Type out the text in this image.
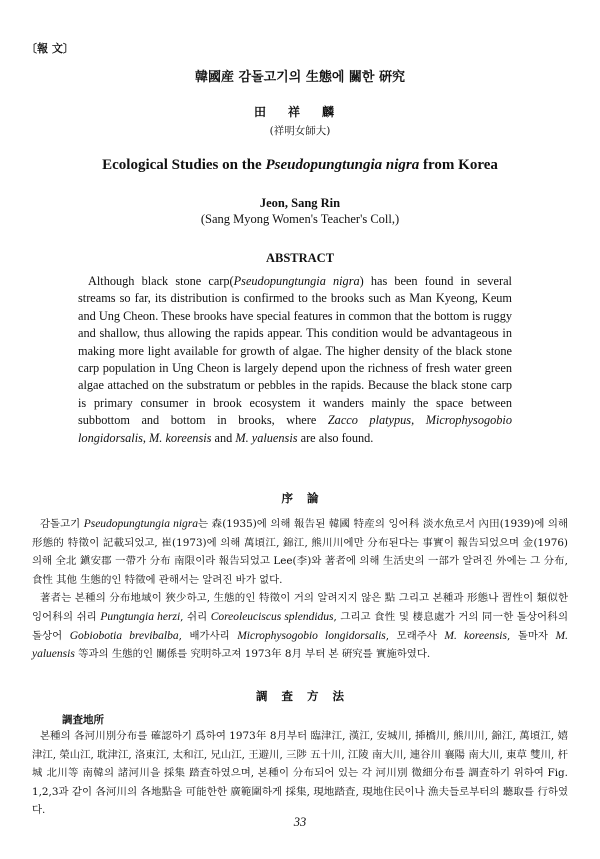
〔報 文〕
韓國産 감돌고기의 生態에 關한 硏究
田祥麟
(祥明女師大)
Ecological Studies on the Pseudopungtungia nigra from Korea
Jeon, Sang Rin
(Sang Myong Women's Teacher's Coll,)
ABSTRACT

Although black stone carp(Pseudopungtungia nigra) has been found in several streams so far, its distribution is confirmed to the brooks such as Man Kyeong, Keum and Ung Cheon. These brooks have special features in common that the bottom is ruggy and shallow, thus allowing the rapids appear. This condition would be advantageous in making more light available for growth of algae. The higher density of the black stone carp population in Ung Cheon is largely depend upon the richness of fresh water green algae attached on the substratum or pebbles in the rapids. Because the black stone carp is primary consumer in brook ecosystem it wanders mainly the space between subbottom and bottom in brooks, where Zacco platypus, Microphysogobio longidorsalis, M. koreensis and M. yaluensis are also found.

序論

감돌고기 Pseudopungtungia nigra는 森(1935)에 의해 報告된 韓國 特産의 잉어科 淡水魚로서 內田(1939)에 의해 形態的 特徵이 記載되었고, 崔(1973)에 의해 萬頃江, 錦江, 熊川川에만 分布된다는 事實이 報告되었으며 金(1976) 의해 全北 鎭安郡 一帶가 分布 南限이라 報告되었고 Lee(李)와 著者에 의해 生活史의 一部가 알려진 外에는 그 分布, 食性 其他 生態的인 特徵에 관해서는 알려진 바가 없다.

著者는 본種의 分布地域이 狹少하고, 生態的인 特徵이 거의 알려지지 않은 點 그리고 본種과 形態나 習性이 類似한 잉어科의 쉬리 Pungtungia herzi, 쉬리 Coreoleuciscus splendidus, 그리고 食性 및 棲息處가 거의 同一한 돌상어科의 돌상어 Gobiobotia brevibalba, 배가사리 Microphysogobio longidorsalis, 모래주사 M. koreensis, 돌마자 M. yaluensis 等과의 生態的인 關係를 究明하고져 1973年 8月 부터 본 硏究를 實施하였다.

調査方法
調査地所

본種의 各河川別分布를 確認하기 爲하여 1973年 8月부터 臨津江, 漢江, 安城川, 揷橋川, 熊川川, 錦江, 萬頃江, 嬉津江, 榮山江, 耽津江, 洛東江, 太和江, 兄山江, 王避川, 三陟 五十川, 江陵 南大川, 連谷川 襄陽 南大川, 東草 雙川, 杆城 北川等 南韓의 諸河川을 採集 踏査하였으며, 본種이 分布되어 있는 각 河川別 微細分布를 調査하기 위하여 Fig. 1,2,3과 같이 各河川의 各地點을 可能한한 廣範圍하게 採集, 現地踏査, 現地住民이나 漁夫들로부터의 聽取를 行하였다.

33
